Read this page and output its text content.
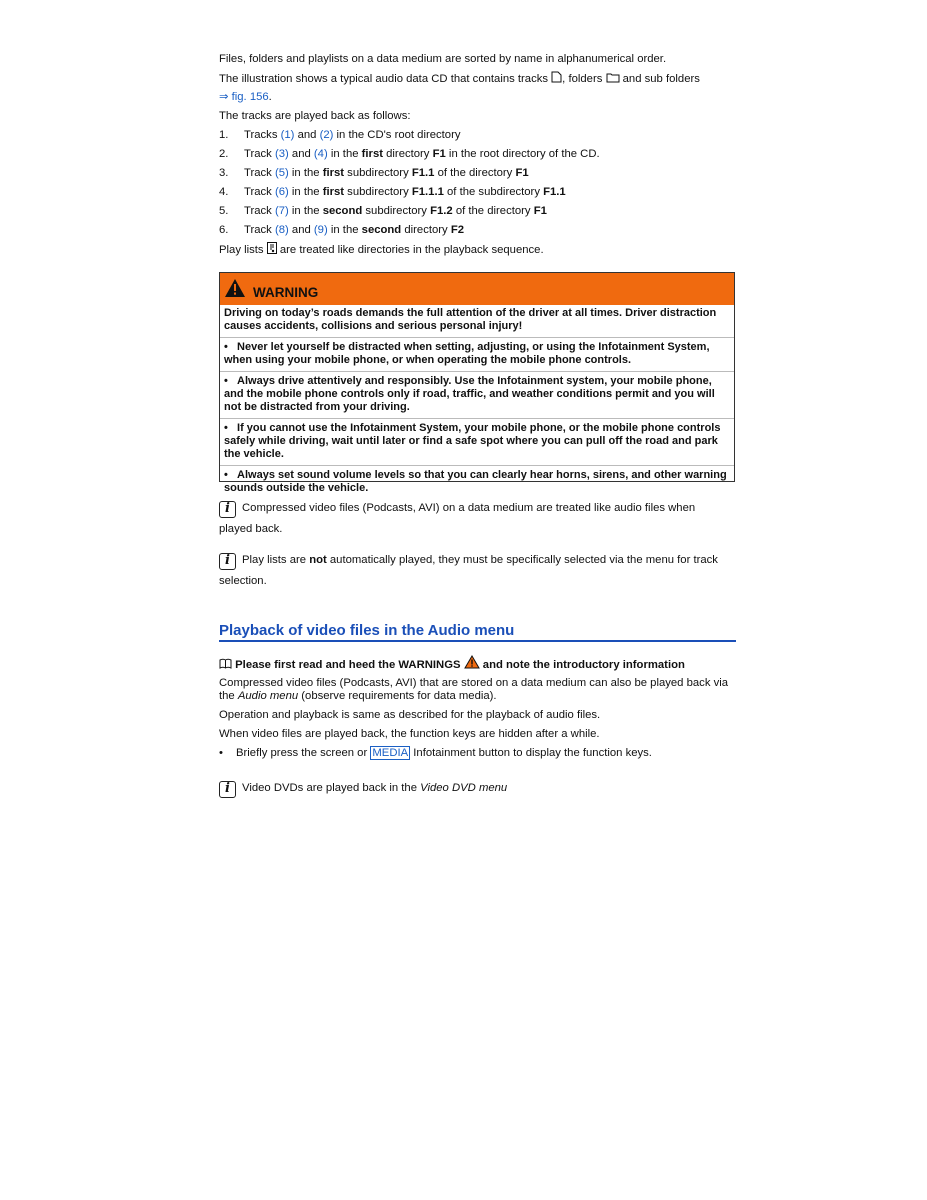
Files, folders and playlists on a data medium are sorted by name in alphanumerical order.

The illustration shows a typical audio data CD that contains tracks , folders and sub folders

⇒ fig. 156.

The tracks are played back as follows:

1. Tracks (1) and (2) in the CD's root directory
2. Track (3) and (4) in the first directory F1 in the root directory of the CD.
3. Track (5) in the first subdirectory F1.1 of the directory F1
4. Track (6) in the first subdirectory F1.1.1 of the subdirectory F1.1
5. Track (7) in the second subdirectory F1.2 of the directory F1
6. Track (8) and (9) in the second directory F2

Play lists are treated like directories in the playback sequence.

WARNING
Driving on today’s roads demands the full attention of the driver at all times. Driver distraction causes accidents, collisions and serious personal injury!
•   Never let yourself be distracted when setting, adjusting, or using the Infotainment System, when using your mobile phone, or when operating the mobile phone controls.
•   Always drive attentively and responsibly. Use the Infotainment system, your mobile phone, and the mobile phone controls only if road, traffic, and weather conditions permit and you will not be distracted from your driving.
•   If you cannot use the Infotainment System, your mobile phone, or the mobile phone controls safely while driving, wait until later or find a safe spot where you can pull off the road and park the vehicle.
•   Always set sound volume levels so that you can clearly hear horns, sirens, and other warning sounds outside the vehicle.

i Compressed video files (Podcasts, AVI) on a data medium are treated like audio files when

played back.

i Play lists are not automatically played, they must be specifically selected via the menu for track

selection.

Playback of video files in the Audio menu

Please first read and heed the WARNINGS and note the introductory information

Compressed video files (Podcasts, AVI) that are stored on a data medium can also be played back via

the Audio menu (observe requirements for data media).

Operation and playback is same as described for the playback of audio files.

When video files are played back, the function keys are hidden after a while.

• Briefly press the screen or MEDIA Infotainment button to display the function keys.

i Video DVDs are played back in the Video DVD menu
